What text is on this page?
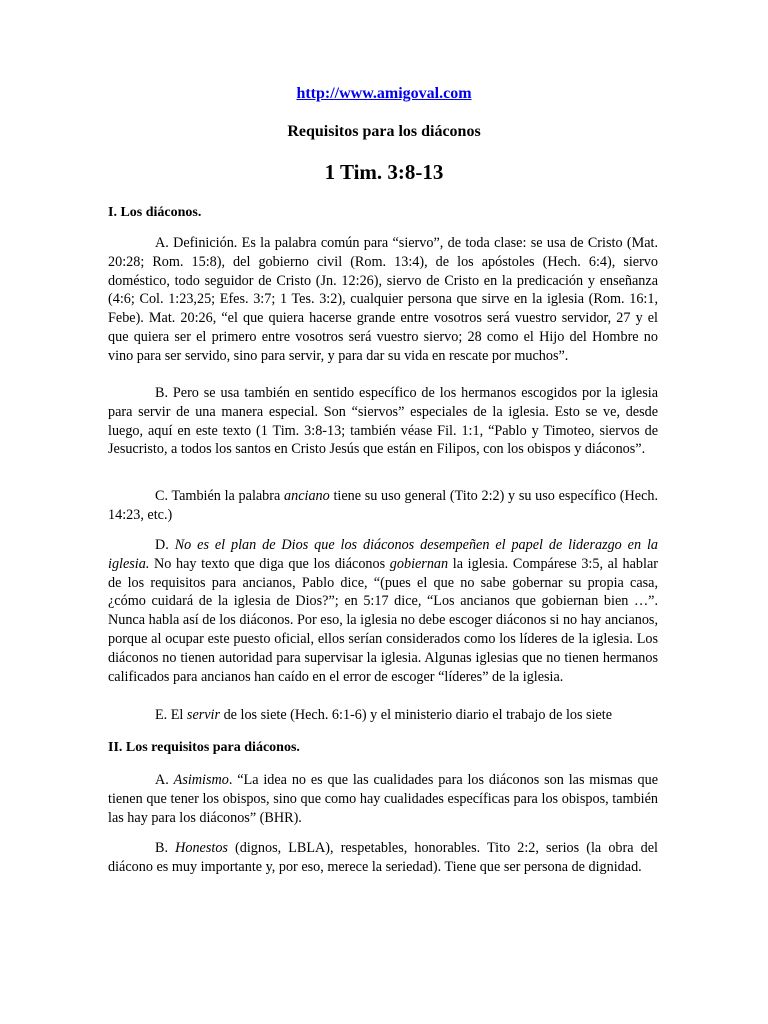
http://www.amigoval.com
Requisitos para los diáconos
1 Tim. 3:8-13
I. Los diáconos.
A. Definición. Es la palabra común para “siervo”, de toda clase: se usa de Cristo (Mat. 20:28; Rom. 15:8), del gobierno civil (Rom. 13:4), de los apóstoles (Hech. 6:4), siervo doméstico, todo seguidor de Cristo (Jn. 12:26), siervo de Cristo en la predicación y enseñanza (4:6; Col. 1:23,25; Efes. 3:7; 1 Tes. 3:2), cualquier persona que sirve en la iglesia (Rom. 16:1, Febe). Mat. 20:26, “el que quiera hacerse grande entre vosotros será vuestro servidor, 27 y el que quiera ser el primero entre vosotros será vuestro siervo; 28 como el Hijo del Hombre no vino para ser servido, sino para servir, y para dar su vida en rescate por muchos”.
B. Pero se usa también en sentido específico de los hermanos escogidos por la iglesia para servir de una manera especial. Son “siervos” especiales de la iglesia. Esto se ve, desde luego, aquí en este texto (1 Tim. 3:8-13; también véase Fil. 1:1, “Pablo y Timoteo, siervos de Jesucristo, a todos los santos en Cristo Jesús que están en Filipos, con los obispos y diáconos”.
C. También la palabra anciano tiene su uso general (Tito 2:2) y su uso específico (Hech. 14:23, etc.)
D. No es el plan de Dios que los diáconos desempeñen el papel de liderazgo en la iglesia. No hay texto que diga que los diáconos gobiernan la iglesia. Compárese 3:5, al hablar de los requisitos para ancianos, Pablo dice, “(pues el que no sabe gobernar su propia casa, ¿cómo cuidará de la iglesia de Dios?”; en 5:17 dice, “Los ancianos que gobiernan bien …”. Nunca habla así de los diáconos. Por eso, la iglesia no debe escoger diáconos si no hay ancianos, porque al ocupar este puesto oficial, ellos serían considerados como los líderes de la iglesia. Los diáconos no tienen autoridad para supervisar la iglesia. Algunas iglesias que no tienen hermanos calificados para ancianos han caído en el error de escoger “líderes” de la iglesia.
E. El servir de los siete (Hech. 6:1-6) y el ministerio diario el trabajo de los siete
II. Los requisitos para diáconos.
A. Asimismo. “La idea no es que las cualidades para los diáconos son las mismas que tienen que tener los obispos, sino que como hay cualidades específicas para los obispos, también las hay para los diáconos” (BHR).
B. Honestos (dignos, LBLA), respetables, honorables. Tito 2:2, serios (la obra del diácono es muy importante y, por eso, merece la seriedad). Tiene que ser persona de dignidad.
